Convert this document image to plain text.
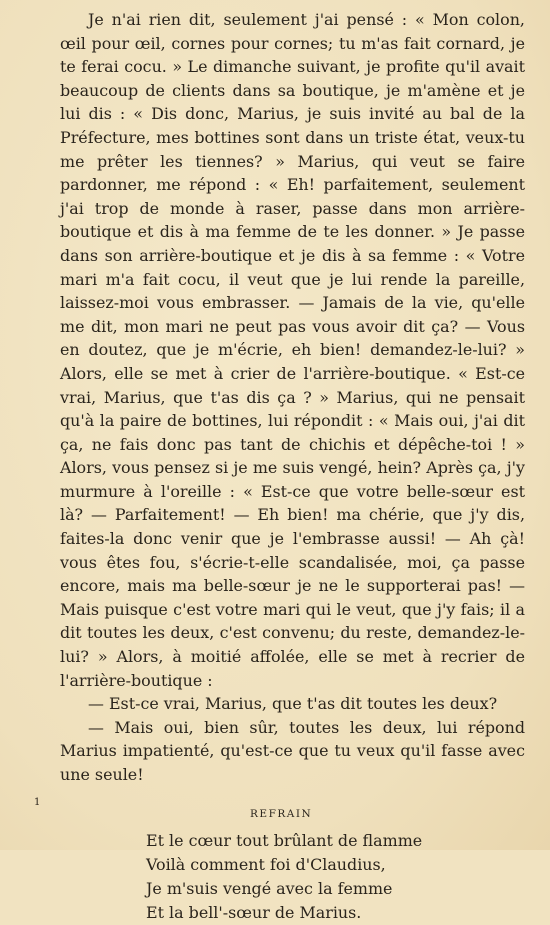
Je n'ai rien dit, seulement j'ai pensé : « Mon colon, œil pour œil, cornes pour cornes; tu m'as fait cornard, je te ferai cocu. » Le dimanche suivant, je profite qu'il avait beaucoup de clients dans sa boutique, je m'amène et je lui dis : « Dis donc, Marius, je suis invité au bal de la Préfecture, mes bottines sont dans un triste état, veux-tu me prêter les tiennes? » Marius, qui veut se faire pardonner, me répond : « Eh! parfaitement, seulement j'ai trop de monde à raser, passe dans mon arrière-boutique et dis à ma femme de te les donner. » Je passe dans son arrière-boutique et je dis à sa femme : « Votre mari m'a fait cocu, il veut que je lui rende la pareille, laissez-moi vous embrasser. — Jamais de la vie, qu'elle me dit, mon mari ne peut pas vous avoir dit ça? — Vous en doutez, que je m'écrie, eh bien! demandez-le-lui? » Alors, elle se met à crier de l'arrière-boutique. « Est-ce vrai, Marius, que t'as dis ça ? » Marius, qui ne pensait qu'à la paire de bottines, lui répondit : « Mais oui, j'ai dit ça, ne fais donc pas tant de chichis et dépêche-toi ! » Alors, vous pensez si je me suis vengé, hein? Après ça, j'y murmure à l'oreille : « Est-ce que votre belle-sœur est là? — Parfaitement! — Eh bien! ma chérie, que j'y dis, faites-la donc venir que je l'embrasse aussi! — Ah çà! vous êtes fou, s'écrie-t-elle scandalisée, moi, ça passe encore, mais ma belle-sœur je ne le supporterai pas! — Mais puisque c'est votre mari qui le veut, que j'y fais; il a dit toutes les deux, c'est convenu; du reste, demandez-le-lui? » Alors, à moitié affolée, elle se met à recrier de l'arrière-boutique :

— Est-ce vrai, Marius, que t'as dit toutes les deux?

— Mais oui, bien sûr, toutes les deux, lui répond Marius impatienté, qu'est-ce que tu veux qu'il fasse avec une seule!

REFRAIN
Et le cœur tout brûlant de flamme
Voilà comment foi d'Claudius,
Je m'suis vengé avec la femme
Et la bell'-sœur de Marius.
1
